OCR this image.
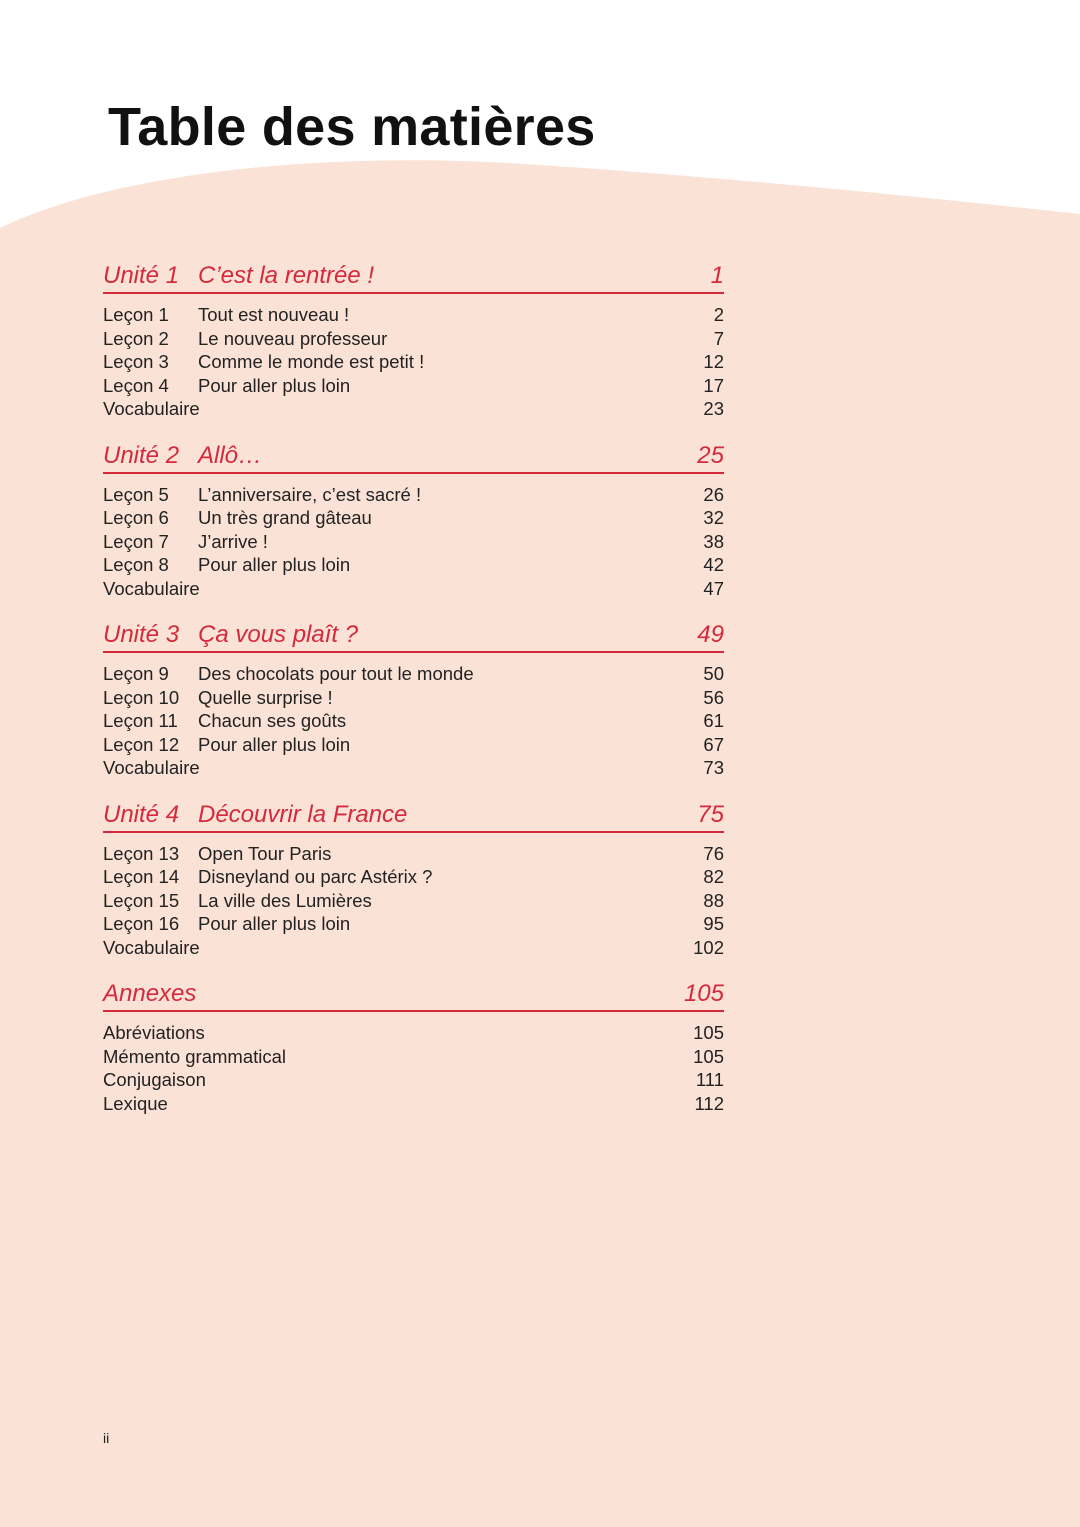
Table des matières
Unité 1 C’est la rentrée !	1
Leçon 1	Tout est nouveau !	2
Leçon 2	Le nouveau professeur	7
Leçon 3	Comme le monde est petit !	12
Leçon 4	Pour aller plus loin	17
Vocabulaire	23
Unité 2 Allô…	25
Leçon 5	L’anniversaire, c’est sacré !	26
Leçon 6	Un très grand gâteau	32
Leçon 7	J’arrive !	38
Leçon 8	Pour aller plus loin	42
Vocabulaire	47
Unité 3 Ça vous plaît ?	49
Leçon 9	Des chocolats pour tout le monde	50
Leçon 10	Quelle surprise !	56
Leçon 11	Chacun ses goûts	61
Leçon 12	Pour aller plus loin	67
Vocabulaire	73
Unité 4 Découvrir la France	75
Leçon 13	Open Tour Paris	76
Leçon 14	Disneyland ou parc Astérix ?	82
Leçon 15	La ville des Lumières	88
Leçon 16	Pour aller plus loin	95
Vocabulaire	102
Annexes	105
Abréviations	105
Mémento grammatical	105
Conjugaison	111
Lexique	112
ii
